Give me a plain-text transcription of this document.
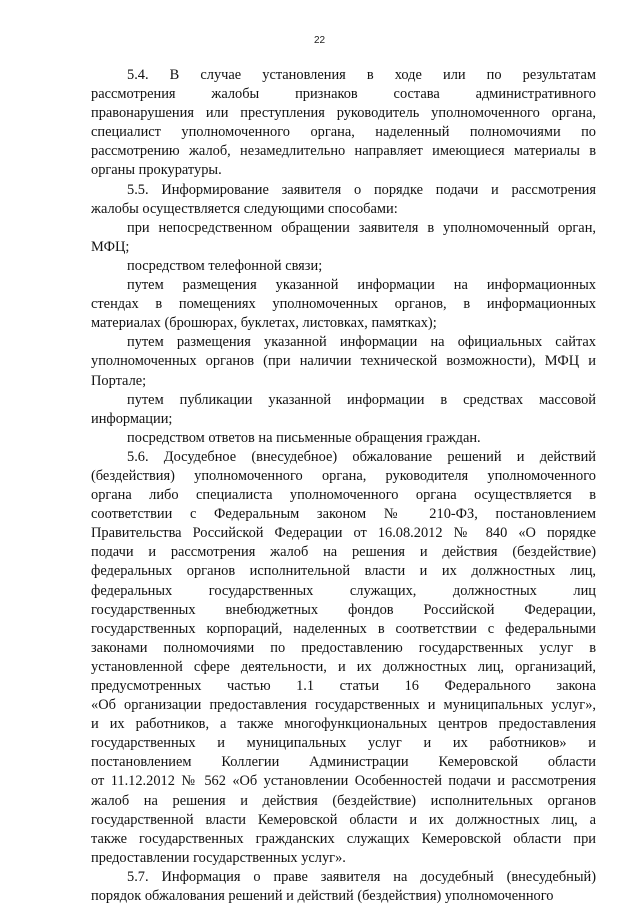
22
5.4. В случае установления в ходе или по результатам
рассмотрения жалобы признаков состава административного
правонарушения или преступления руководитель уполномоченного органа,
специалист уполномоченного органа, наделенный полномочиями по
рассмотрению жалоб, незамедлительно направляет имеющиеся материалы в
органы прокуратуры.
5.5. Информирование заявителя о порядке подачи и рассмотрения
жалобы осуществляется следующими способами:
при непосредственном обращении заявителя в уполномоченный орган,
МФЦ;
посредством телефонной связи;
путем размещения указанной информации на информационных
стендах в помещениях уполномоченных органов, в информационных
материалах (брошюрах, буклетах, листовках, памятках);
путем размещения указанной информации на официальных сайтах
уполномоченных органов (при наличии технической возможности), МФЦ и
Портале;
путем публикации указанной информации в средствах массовой
информации;
посредством ответов на письменные обращения граждан.
5.6. Досудебное (внесудебное) обжалование решений и действий
(бездействия) уполномоченного органа, руководителя уполномоченного
органа либо специалиста уполномоченного органа осуществляется в
соответствии с Федеральным законом № 210-ФЗ, постановлением
Правительства Российской Федерации от 16.08.2012 № 840 «О порядке
подачи и рассмотрения жалоб на решения и действия (бездействие)
федеральных органов исполнительной власти и их должностных лиц,
федеральных государственных служащих, должностных лиц
государственных внебюджетных фондов Российской Федерации,
государственных корпораций, наделенных в соответствии с федеральными
законами полномочиями по предоставлению государственных услуг в
установленной сфере деятельности, и их должностных лиц, организаций,
предусмотренных частью 1.1 статьи 16 Федерального закона
«Об организации предоставления государственных и муниципальных услуг»,
и их работников, а также многофункциональных центров предоставления
государственных и муниципальных услуг и их работников» и
постановлением Коллегии Администрации Кемеровской области
от 11.12.2012 № 562 «Об установлении Особенностей подачи и рассмотрения
жалоб на решения и действия (бездействие) исполнительных органов
государственной власти Кемеровской области и их должностных лиц, а
также государственных гражданских служащих Кемеровской области при
предоставлении государственных услуг».
5.7. Информация о праве заявителя на досудебный (внесудебный)
порядок обжалования решений и действий (бездействия) уполномоченного
